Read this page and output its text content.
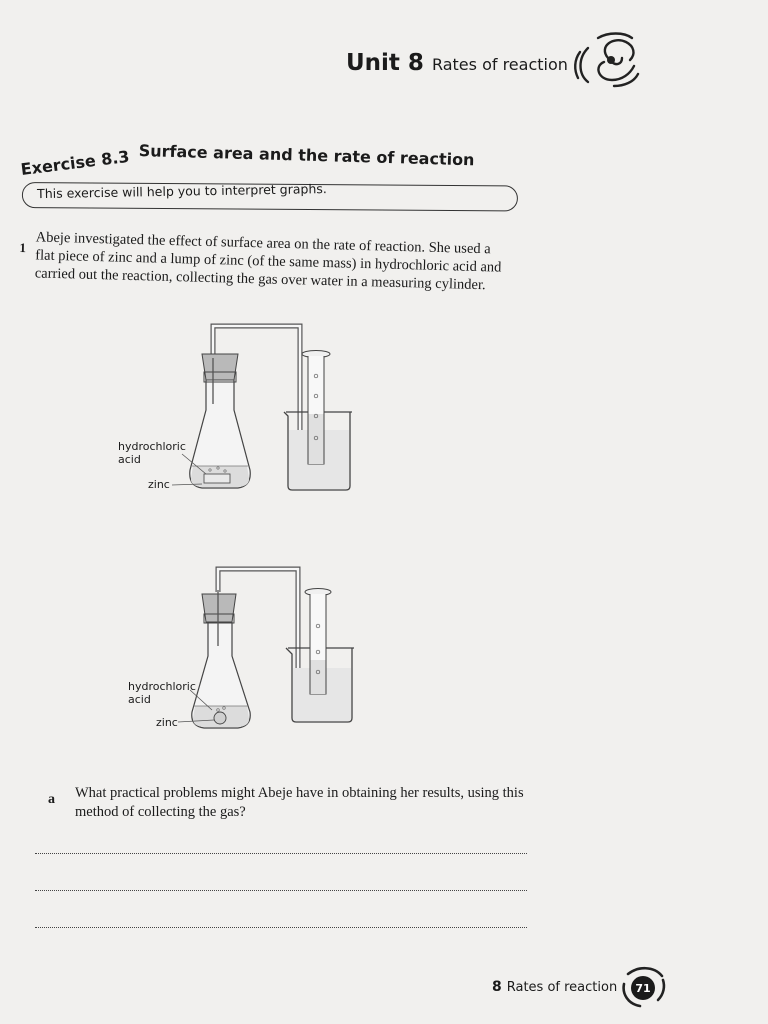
Unit 8 Rates of reaction
Exercise 8.3 Surface area and the rate of reaction
This exercise will help you to interpret graphs.
1 Abeje investigated the effect of surface area on the rate of reaction. She used a flat piece of zinc and a lump of zinc (of the same mass) in hydrochloric acid and carried out the reaction, collecting the gas over water in a measuring cylinder.
hydrochloric
acid
zinc
hydrochloric
acid
zinc
a What practical problems might Abeje have in obtaining her results, using this method of collecting the gas?
8 Rates of reaction 71
